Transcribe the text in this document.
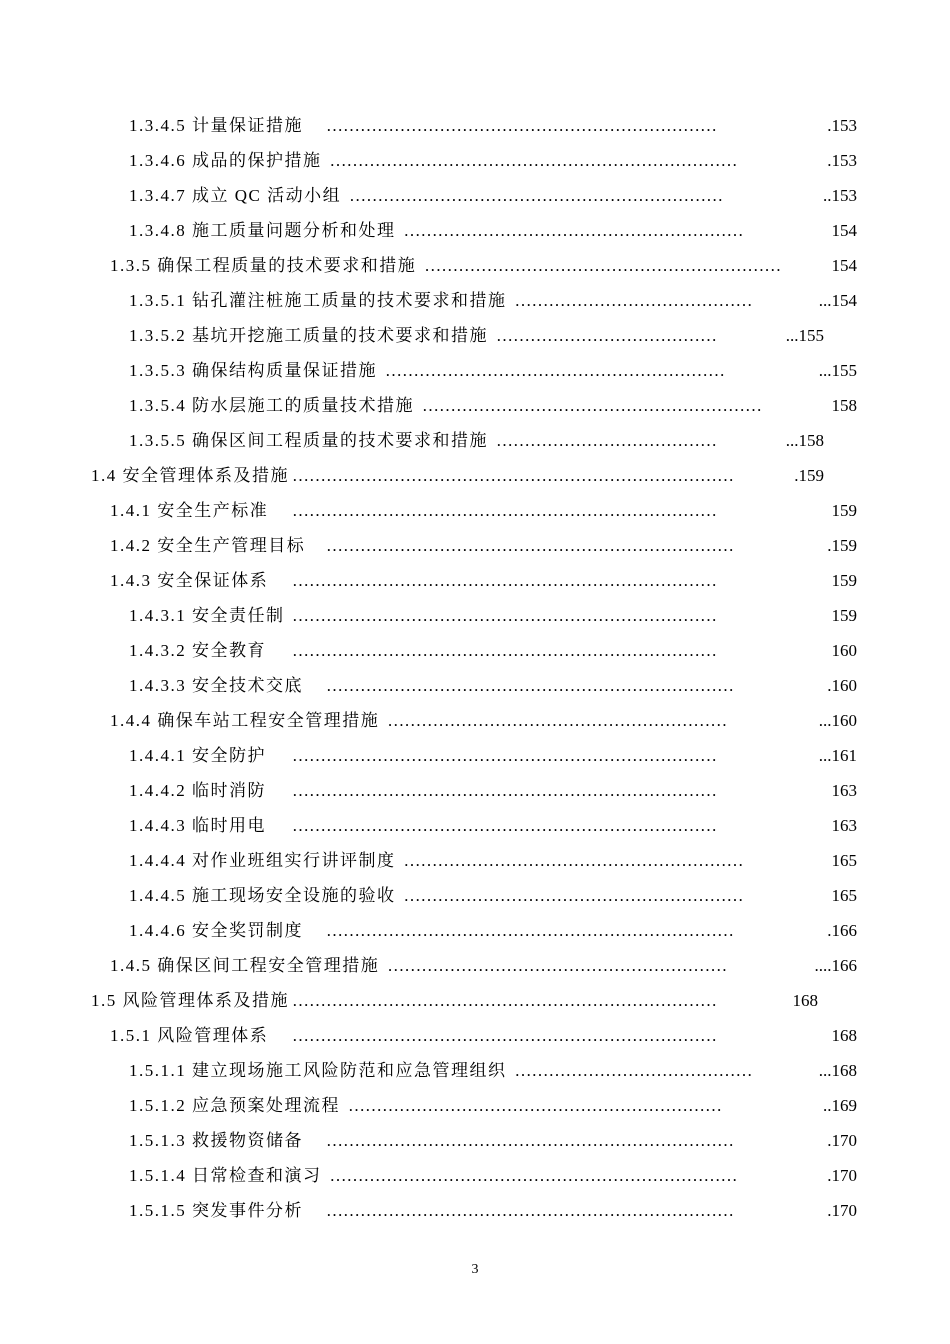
1.3.4.5 计量保证措施 ……………………………………………………………	.153
1.3.4.6 成品的保护措施 ………………………………………………………………	.153
1.3.4.7 成立 QC 活动小组 …………………………………………………………	..153
1.3.4.8 施工质量问题分析和处理 ……………………………………………………	154
1.3.5 确保工程质量的技术要求和措施 ………………………………………………………	154
1.3.5.1 钻孔灌注桩施工质量的技术要求和措施 ……………………………………	...154
1.3.5.2 基坑开挖施工质量的技术要求和措施 …………………………………	...155
1.3.5.3 确保结构质量保证措施 ……………………………………………………	...155
1.3.5.4 防水层施工的质量技术措施 ……………………………………………………	158
1.3.5.5 确保区间工程质量的技术要求和措施 …………………………………	...158
1.4 安全管理体系及措施 ……………………………………………………………………	.159
1.4.1 安全生产标准 …………………………………………………………………	159
1.4.2 安全生产管理目标 ………………………………………………………………	.159
1.4.3 安全保证体系 …………………………………………………………………	159
1.4.3.1 安全责任制 …………………………………………………………………	159
1.4.3.2 安全教育 …………………………………………………………………	160
1.4.3.3 安全技术交底 ………………………………………………………………	.160
1.4.4 确保车站工程安全管理措施 ……………………………………………………	...160
1.4.4.1 安全防护 …………………………………………………………………	...161
1.4.4.2 临时消防 …………………………………………………………………	163
1.4.4.3 临时用电 …………………………………………………………………	163
1.4.4.4 对作业班组实行讲评制度 ……………………………………………………	165
1.4.4.5 施工现场安全设施的验收 ……………………………………………………	165
1.4.4.6 安全奖罚制度 ………………………………………………………………	.166
1.4.5 确保区间工程安全管理措施 ……………………………………………………	....166
1.5 风险管理体系及措施 …………………………………………………………………	168
1.5.1 风险管理体系 …………………………………………………………………	168
1.5.1.1 建立现场施工风险防范和应急管理组织 ……………………………………	...168
1.5.1.2 应急预案处理流程 …………………………………………………………	..169
1.5.1.3 救援物资储备 ………………………………………………………………	.170
1.5.1.4 日常检查和演习 ………………………………………………………………	.170
1.5.1.5 突发事件分析 ………………………………………………………………	.170
3
